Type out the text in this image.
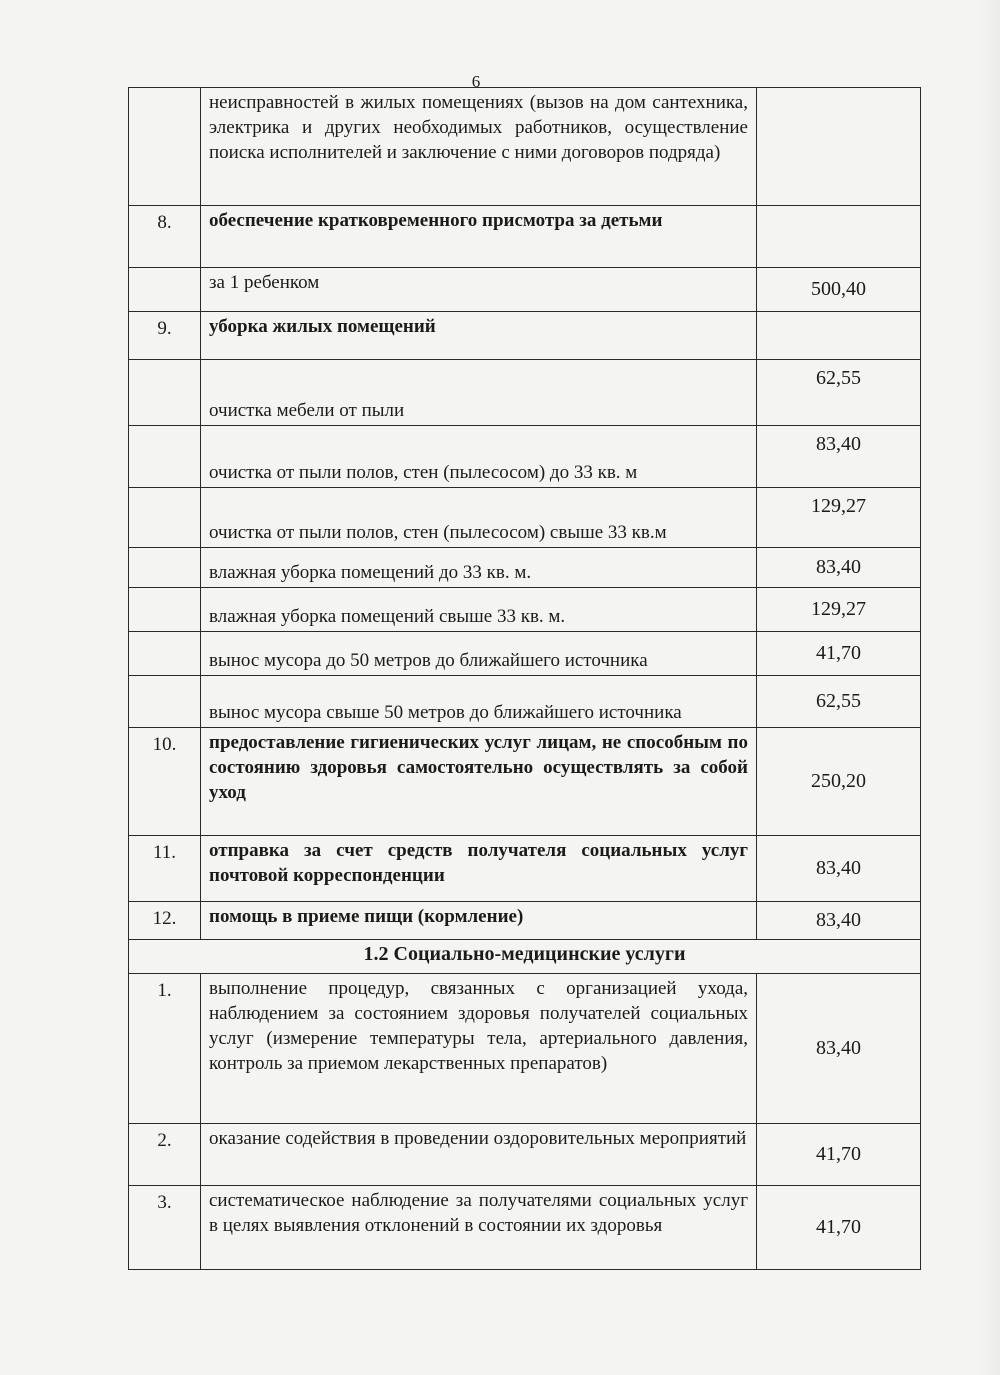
6
	неисправностей в жилых помещениях (вызов на дом сантехника, электрика и других необходимых работников, осуществление поиска исполнителей и заключение с ними договоров подряда)	
8.	обеспечение кратковременного присмотра за детьми	
	за 1 ребенком	500,40
9.	уборка жилых помещений	
	очистка мебели от пыли	62,55
	очистка от пыли полов, стен (пылесосом) до 33 кв. м	83,40
	очистка от пыли полов, стен (пылесосом) свыше 33 кв.м	129,27
	влажная уборка помещений до 33 кв. м.	83,40
	влажная уборка помещений свыше 33 кв. м.	129,27
	вынос мусора до 50 метров до ближайшего источника	41,70
	вынос мусора свыше 50 метров до ближайшего источника	62,55
10.	предоставление гигиенических услуг лицам, не способным по состоянию здоровья самостоятельно осуществлять за собой уход	250,20
11.	отправка за счет средств получателя социальных услуг почтовой корреспонденции	83,40
12.	помощь в приеме пищи (кормление)	83,40
1.2 Социально-медицинские услуги		
1.	выполнение процедур, связанных с организацией ухода, наблюдением за состоянием здоровья получателей социальных услуг (измерение температуры тела, артериального давления, контроль за приемом лекарственных препаратов)	83,40
2.	оказание содействия в проведении оздоровительных мероприятий	41,70
3.	систематическое наблюдение за получателями социальных услуг в целях выявления отклонений в состоянии их здоровья	41,70
